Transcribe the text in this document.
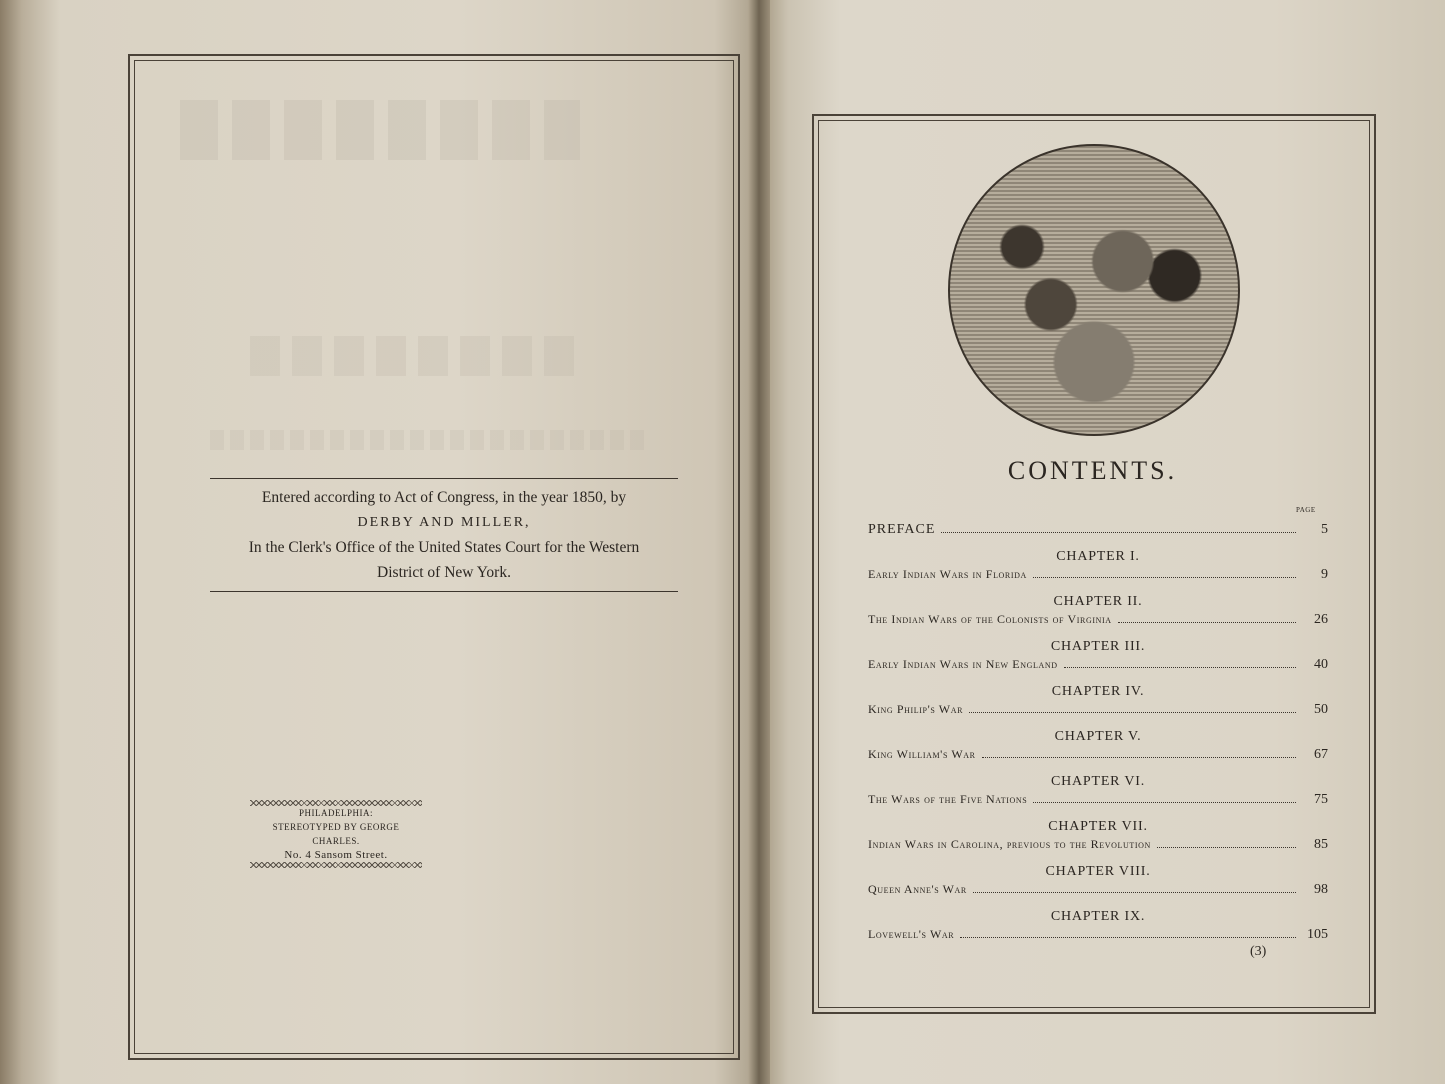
Entered according to Act of Congress, in the year 1850, by
DERBY AND MILLER,
In the Clerk's Office of the United States Court for the Western
District of New York.
PHILADELPHIA:
STEREOTYPED BY GEORGE CHARLES.
No. 4 Sansom Street.
CONTENTS.
PAGE
PREFACE	5
CHAPTER I.
Early Indian Wars in Florida	9
CHAPTER II.
The Indian Wars of the Colonists of Virginia	26
CHAPTER III.
Early Indian Wars in New England	40
CHAPTER IV.
King Philip's War	50
CHAPTER V.
King William's War	67
CHAPTER VI.
The Wars of the Five Nations	75
CHAPTER VII.
Indian Wars in Carolina, previous to the Revolution	85
CHAPTER VIII.
Queen Anne's War	98
CHAPTER IX.
Lovewell's War	105
(3)
